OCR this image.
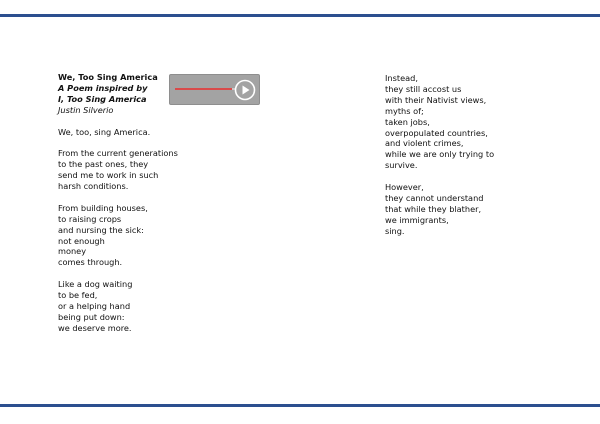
We, Too Sing America
A Poem inspired by
I, Too Sing America
Justin Silverio
We, too, sing America.
From the current generations
to the past ones, they
send me to work in such
harsh conditions.
From building houses,
to raising crops
and nursing the sick:
not enough
money
comes through.
Like a dog waiting
to be fed,
or a helping hand
being put down:
we deserve more.
Instead,
they still accost us
with their Nativist views,
myths of;
taken jobs,
overpopulated countries,
and violent crimes,
while we are only trying to
survive.
However,
they cannot understand
that while they blather,
we immigrants,
sing.
